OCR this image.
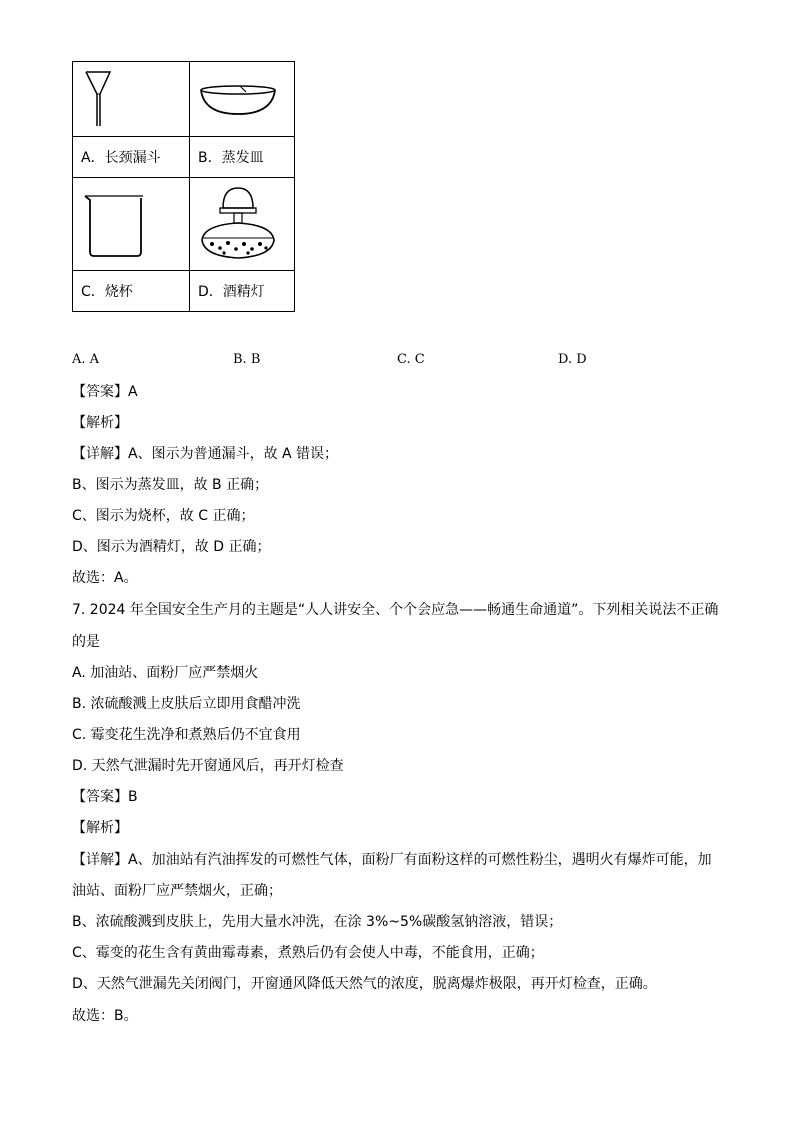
A．长颈漏斗	B．蒸发皿

C．烧杯	D．酒精灯
A. A	B. B	C. C	D. D
【答案】A
【解析】
【详解】A、图示为普通漏斗，故 A 错误；
B、图示为蒸发皿，故 B 正确；
C、图示为烧杯，故 C 正确；
D、图示为酒精灯，故 D 正确；
故选：A。
7. 2024 年全国安全生产月的主题是“人人讲安全、个个会应急——畅通生命通道”。下列相关说法不正确
的是
A. 加油站、面粉厂应严禁烟火
B. 浓硫酸溅上皮肤后立即用食醋冲洗
C. 霉变花生洗净和煮熟后仍不宜食用
D. 天然气泄漏时先开窗通风后，再开灯检查
【答案】B
【解析】
【详解】A、加油站有汽油挥发的可燃性气体，面粉厂有面粉这样的可燃性粉尘，遇明火有爆炸可能，加
油站、面粉厂应严禁烟火，正确；
B、浓硫酸溅到皮肤上，先用大量水冲洗，在涂 3%~5%碳酸氢钠溶液，错误；
C、霉变的花生含有黄曲霉毒素，煮熟后仍有会使人中毒，不能食用，正确；
D、天然气泄漏先关闭阀门，开窗通风降低天然气的浓度，脱离爆炸极限，再开灯检查，正确。
故选：B。
